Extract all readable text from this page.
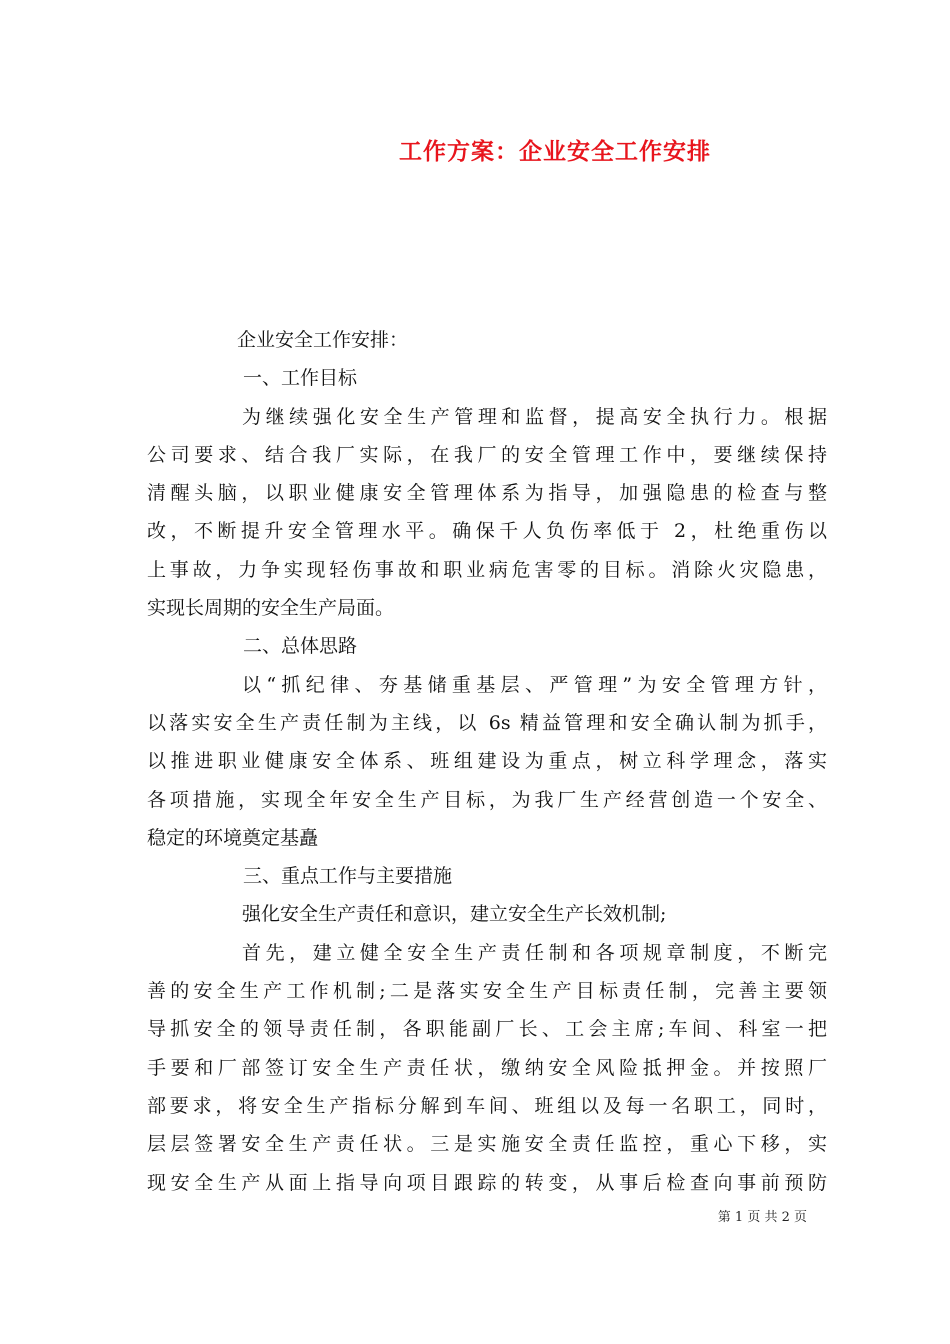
工作方案：企业安全工作安排
企业安全工作安排：
一、工作目标
为继续强化安全生产管理和监督，提高安全执行力。根据
公司要求、结合我厂实际，在我厂的安全管理工作中，要继续保持
清醒头脑，以职业健康安全管理体系为指导，加强隐患的检查与整
改，不断提升安全管理水平。确保千人负伤率低于 2，杜绝重伤以
上事故，力争实现轻伤事故和职业病危害零的目标。消除火灾隐患，
实现长周期的安全生产局面。
二、总体思路
以“抓纪律、夯基储重基层、严管理”为安全管理方针，
以落实安全生产责任制为主线，以 6s 精益管理和安全确认制为抓手，
以推进职业健康安全体系、班组建设为重点，树立科学理念，落实
各项措施，实现全年安全生产目标，为我厂生产经营创造一个安全、
稳定的环境奠定基矗
三、重点工作与主要措施
强化安全生产责任和意识，建立安全生产长效机制;
首先，建立健全安全生产责任制和各项规章制度，不断完
善的安全生产工作机制;二是落实安全生产目标责任制，完善主要领
导抓安全的领导责任制，各职能副厂长、工会主席;车间、科室一把
手要和厂部签订安全生产责任状，缴纳安全风险抵押金。并按照厂
部要求，将安全生产指标分解到车间、班组以及每一名职工，同时，
层层签署安全生产责任状。三是实施安全责任监控，重心下移，实
现安全生产从面上指导向项目跟踪的转变，从事后检查向事前预防
第 1 页 共 2 页
